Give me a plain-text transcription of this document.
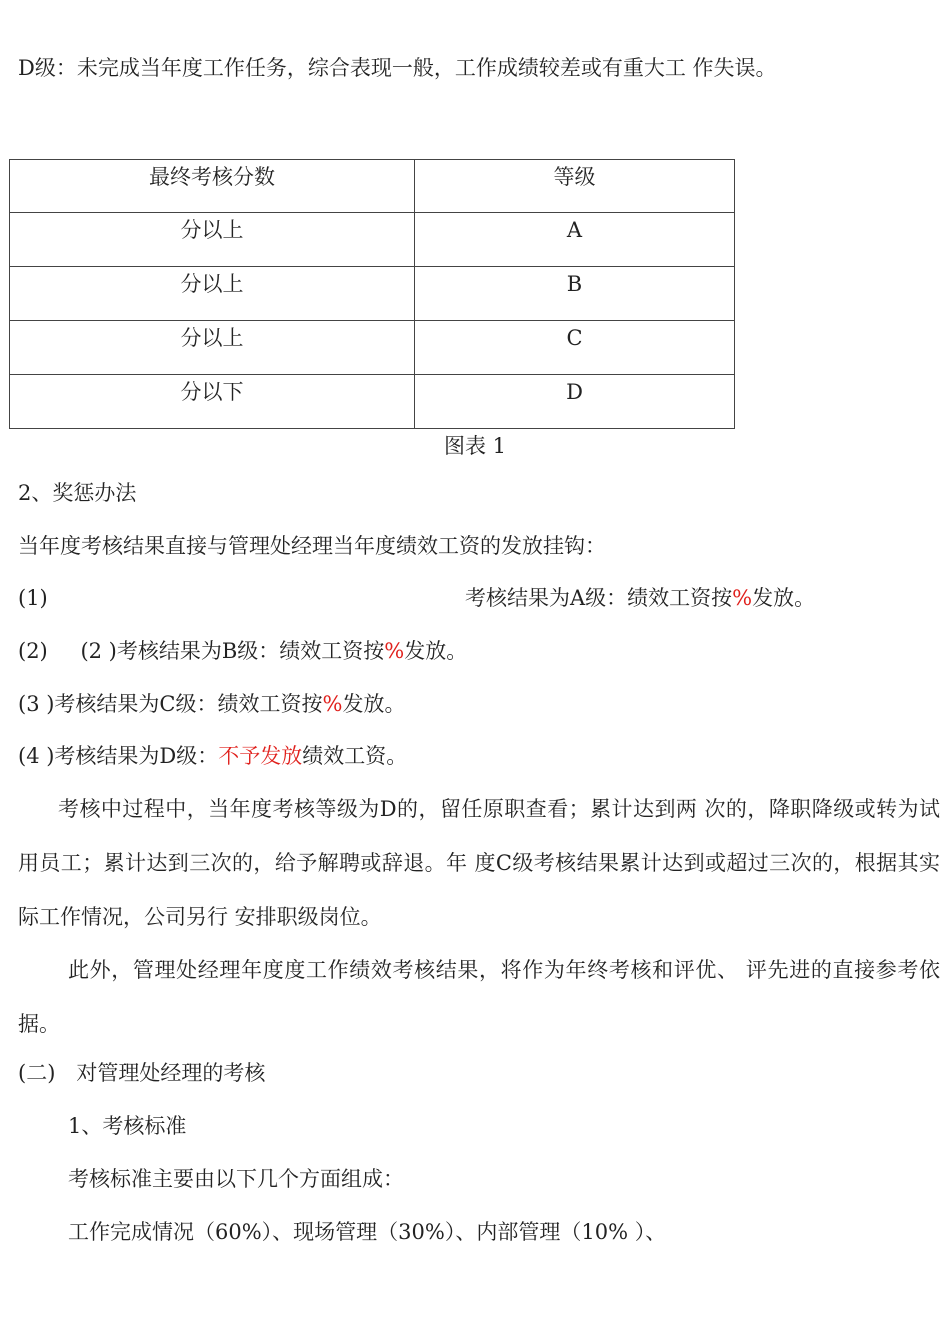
D级：未完成当年度工作任务，综合表现一般，工作成绩较差或有重大工 作失误。
最终考核分数	等级
分以上	A
分以上	B
分以上	C
分以下	D
图表 1
2、奖惩办法
当年度考核结果直接与管理处经理当年度绩效工资的发放挂钩：
(1)	考核结果为A级：绩效工资按%发放。
(2) (2 )考核结果为B级：绩效工资按%发放。
(3 )考核结果为C级：绩效工资按%发放。
(4 )考核结果为D级：不予发放绩效工资。
考核中过程中，当年度考核等级为D的，留任原职查看；累计达到两 次的，降职降级或转为试用员工；累计达到三次的，给予解聘或辞退。年 度C级考核结果累计达到或超过三次的，根据其实际工作情况，公司另行 安排职级岗位。
此外，管理处经理年度度工作绩效考核结果，将作为年终考核和评优、 评先进的直接参考依据。
(二)　对管理处经理的考核
1、考核标准
考核标准主要由以下几个方面组成：
工作完成情况（60%）、现场管理（30%）、内部管理（10% ）、
